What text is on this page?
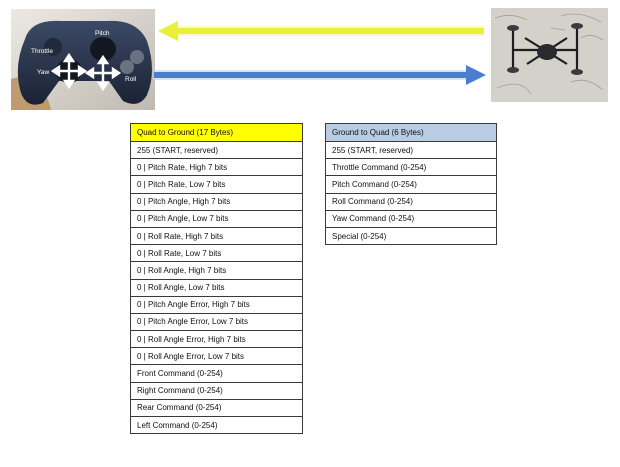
Throttle
Pitch
Yaw
Roll
Quad to Ground (17 Bytes)
255 (START, reserved)
0 | Pitch Rate, High 7 bits
0 | Pitch Rate, Low 7 bits
0 | Pitch Angle, High 7 bits
0 | Pitch Angle, Low 7 bits
0 | Roll Rate, High 7 bits
0 | Roll Rate, Low 7 bits
0 | Roll Angle, High 7 bits
0 | Roll Angle, Low 7 bits
0 | Pitch Angle Error, High 7 bits
0 | Pitch Angle Error, Low 7 bits
0 | Roll Angle Error, High 7 bits
0 | Roll Angle Error, Low 7 bits
Front Command (0-254)
Right Command (0-254)
Rear Command (0-254)
Left Command (0-254)
Ground to Quad (6 Bytes)
255 (START, reserved)
Throttle Command (0-254)
Pitch Command (0-254)
Roll Command (0-254)
Yaw Command (0-254)
Special (0-254)
